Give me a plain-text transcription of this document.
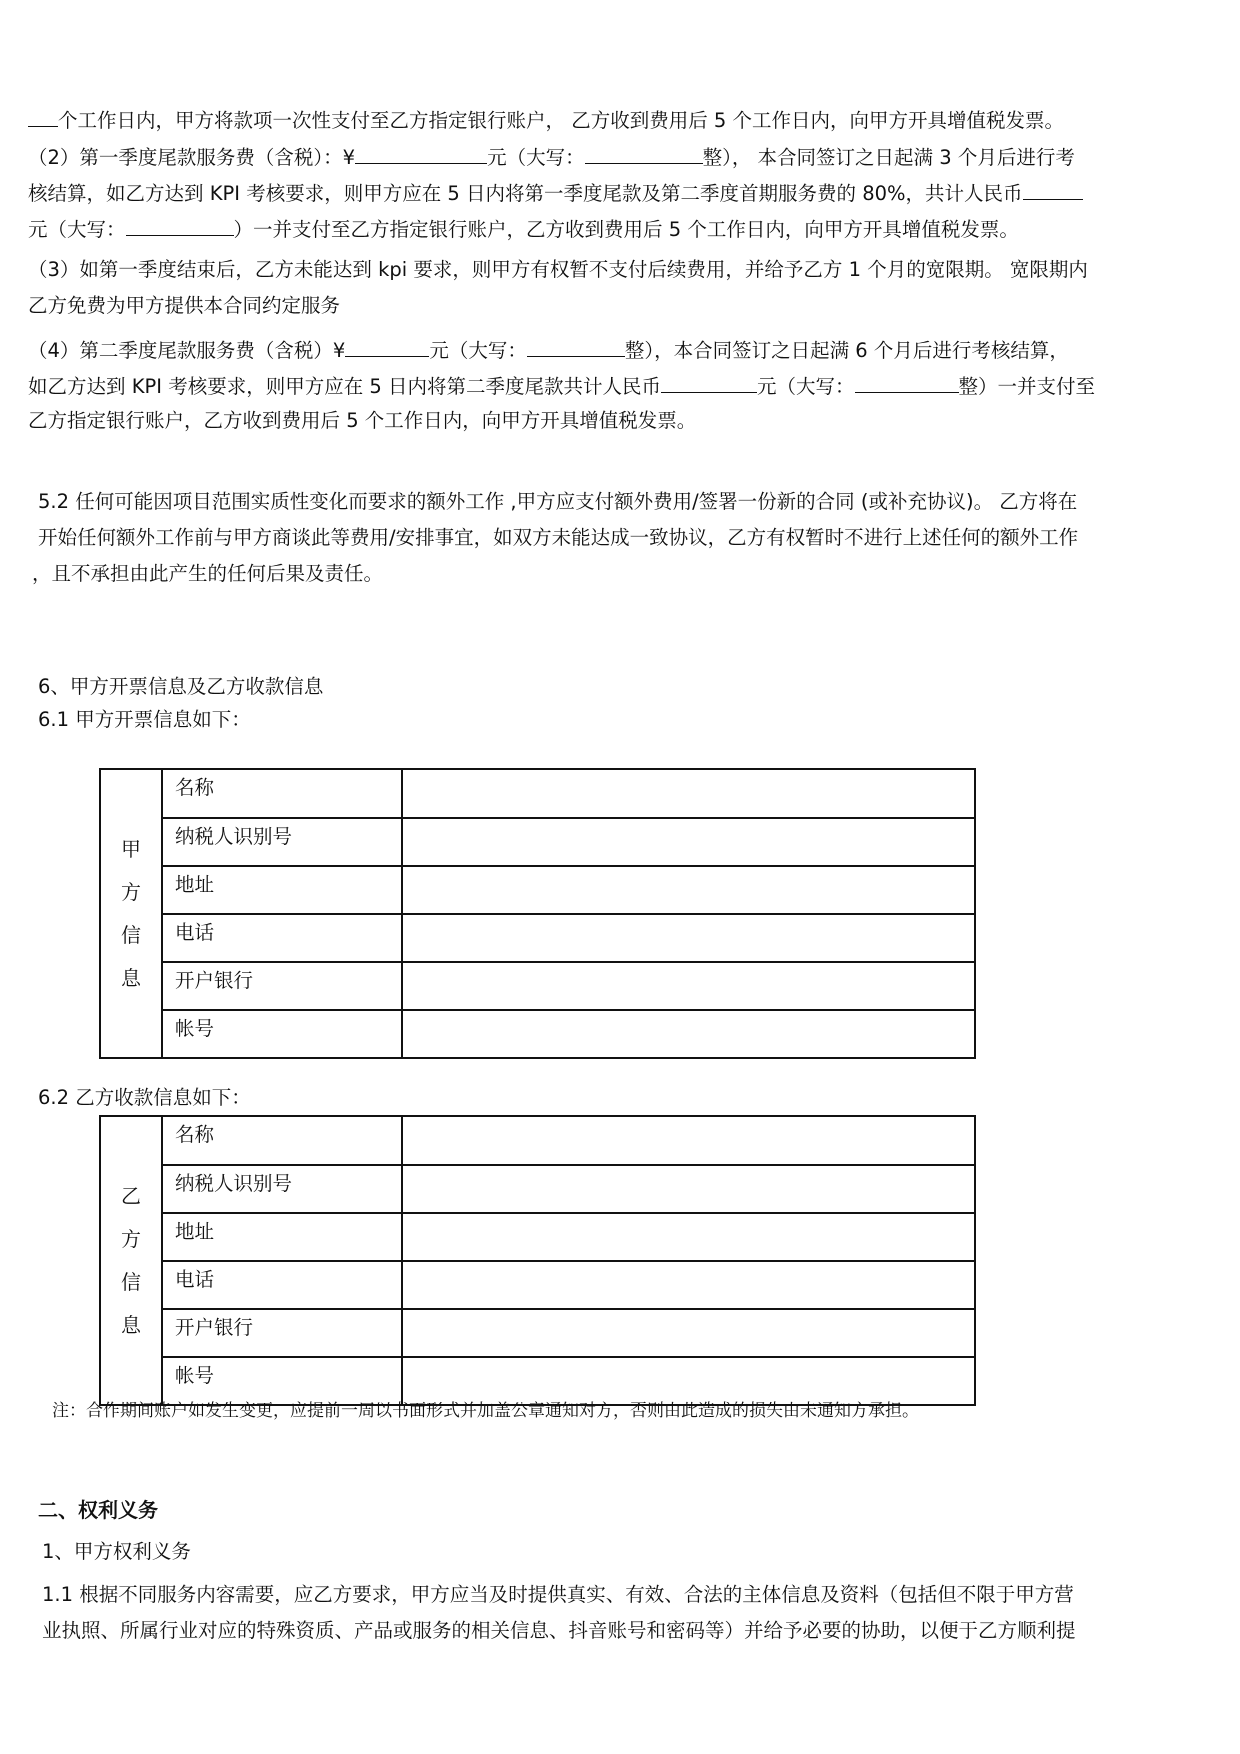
个工作日内，甲方将款项一次性支付至乙方指定银行账户， 乙方收到费用后 5 个工作日内，向甲方开具增值税发票。
（2）第一季度尾款服务费（含税）：¥	元（大写：	整）， 本合同签订之日起满 3 个月后进行考
核结算，如乙方达到 KPI 考核要求，则甲方应在 5 日内将第一季度尾款及第二季度首期服务费的 80%，共计人民币
元（大写：	）一并支付至乙方指定银行账户，乙方收到费用后 5 个工作日内，向甲方开具增值税发票。
（3）如第一季度结束后，乙方未能达到 kpi 要求，则甲方有权暂不支付后续费用，并给予乙方 1 个月的宽限期。 宽限期内
乙方免费为甲方提供本合同约定服务
（4）第二季度尾款服务费（含税）¥	元（大写：	整），本合同签订之日起满 6 个月后进行考核结算，
如乙方达到 KPI 考核要求，则甲方应在 5 日内将第二季度尾款共计人民币	元（大写：	整）一并支付至
乙方指定银行账户，乙方收到费用后 5 个工作日内，向甲方开具增值税发票。
5.2 任何可能因项目范围实质性变化而要求的额外工作 ,甲方应支付额外费用/签署一份新的合同 (或补充协议)。 乙方将在
开始任何额外工作前与甲方商谈此等费用/安排事宜，如双方未能达成一致协议，乙方有权暂时不进行上述任何的额外工作
，且不承担由此产生的任何后果及责任。
6、甲方开票信息及乙方收款信息
6.1 甲方开票信息如下：
甲
方
信
息	名称	
	纳税人识别号	
	地址	
	电话	
	开户银行	
	帐号	
6.2 乙方收款信息如下：
乙
方
信
息	名称	
	纳税人识别号	
	地址	
	电话	
	开户银行	
	帐号	
注：合作期间账户如发生变更，应提前一周以书面形式并加盖公章通知对方，否则由此造成的损失由未通知方承担。
二、权利义务
1、甲方权利义务
1.1 根据不同服务内容需要，应乙方要求，甲方应当及时提供真实、有效、合法的主体信息及资料（包括但不限于甲方营
业执照、所属行业对应的特殊资质、产品或服务的相关信息、抖音账号和密码等）并给予必要的协助，以便于乙方顺利提
